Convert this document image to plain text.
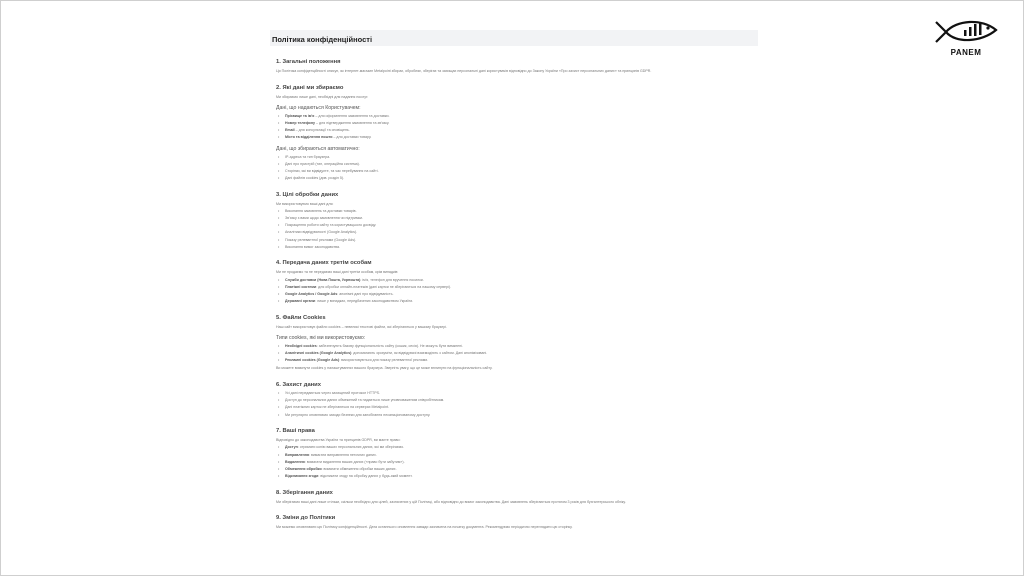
PANEM
Політика конфіденційності
1. Загальні положення

Ця Політика конфіденційності описує, як інтернет-магазин Metalpoint збирає, обробляє, зберігає та захищає персональні дані користувачів відповідно до Закону України «Про захист персональних даних» та принципів GDPR.

2. Які дані ми збираємо

Ми збираємо лише дані, необхідні для надання послуг:

Дані, що надаються Користувачем:
• Прізвище та ім'я – для оформлення замовлення та доставки.
• Номер телефону – для підтвердження замовлення та зв'язку.
• Email – для консультації та сповіщень.
• Місто та відділення пошти – для доставки товару.
Дані, що збираються автоматично:
• IP-адреса та тип браузера.
• Дані про пристрій (тип, операційна система).
• Сторінки, які ви відвідуєте, та час перебування на сайті.
• Дані файлів cookies (див. розділ 5).
3. Цілі обробки даних

Ми використовуємо ваші дані для:

• Виконання замовлень та доставки товарів.
• Зв'язку з вами щодо замовлення чи підтримки.
• Покращення роботи сайту та користувацького досвіду.
• Аналітики відвідуваності (Google Analytics).
• Показу релевантної реклами (Google Ads).
• Виконання вимог законодавства.
4. Передача даних третім особам

Ми не продаємо та не передаємо ваші дані третім особам, крім випадків:

• Служби доставки (Нова Пошта, Укрпошта): ім'я, телефон для вручення посилки.
• Платіжні системи: для обробки онлайн-платежів (дані картки не зберігаються на нашому сервері).
• Google Analytics / Google Ads: анонімні дані про відвідуваність.
• Державні органи: лише у випадках, передбачених законодавством України.
5. Файли Cookies

Наш сайт використовує файли cookies – невеликі текстові файли, які зберігаються у вашому браузері.

Типи cookies, які ми використовуємо:
• Необхідні cookies: забезпечують базову функціональність сайту (кошик, сесія). Не можуть бути вимкнені.
• Аналітичні cookies (Google Analytics): допомагають зрозуміти, як відвідувачі взаємодіють з сайтом. Дані анонімізовані.
• Рекламні cookies (Google Ads): використовуються для показу релевантної реклами.

Ви можете вимкнути cookies у налаштуваннях вашого браузера. Зверніть увагу, що це може вплинути на функціональність сайту.

6. Захист даних
• Усі дані передаються через захищений протокол HTTPS.
• Доступ до персональних даних обмежений та надається лише уповноваженим співробітникам.
• Дані платіжних карток не зберігаються на серверах Metalpoint.
• Ми регулярно оновлюємо заходи безпеки для запобігання несанкціонованому доступу.
7. Ваші права

Відповідно до законодавства України та принципів GDPR, ви маєте право:

• Доступ: отримати копію ваших персональних даних, які ми зберігаємо.
• Виправлення: вимагати виправлення неточних даних.
• Видалення: вимагати видалення ваших даних («право бути забутим»).
• Обмеження обробки: вимагати обмеження обробки ваших даних.
• Відкликання згоди: відкликати згоду на обробку даних у будь-який момент.
8. Зберігання даних

Ми зберігаємо ваші дані лише стільки, скільки необхідно для цілей, зазначених у цій Політиці, або відповідно до вимог законодавства. Дані замовлень зберігаються протягом 3 років для бухгалтерського обліку.

9. Зміни до Політики

Ми можемо оновлювати цю Політику конфіденційності. Дата останнього оновлення завжди зазначена на початку документа. Рекомендуємо періодично переглядати цю сторінку.
